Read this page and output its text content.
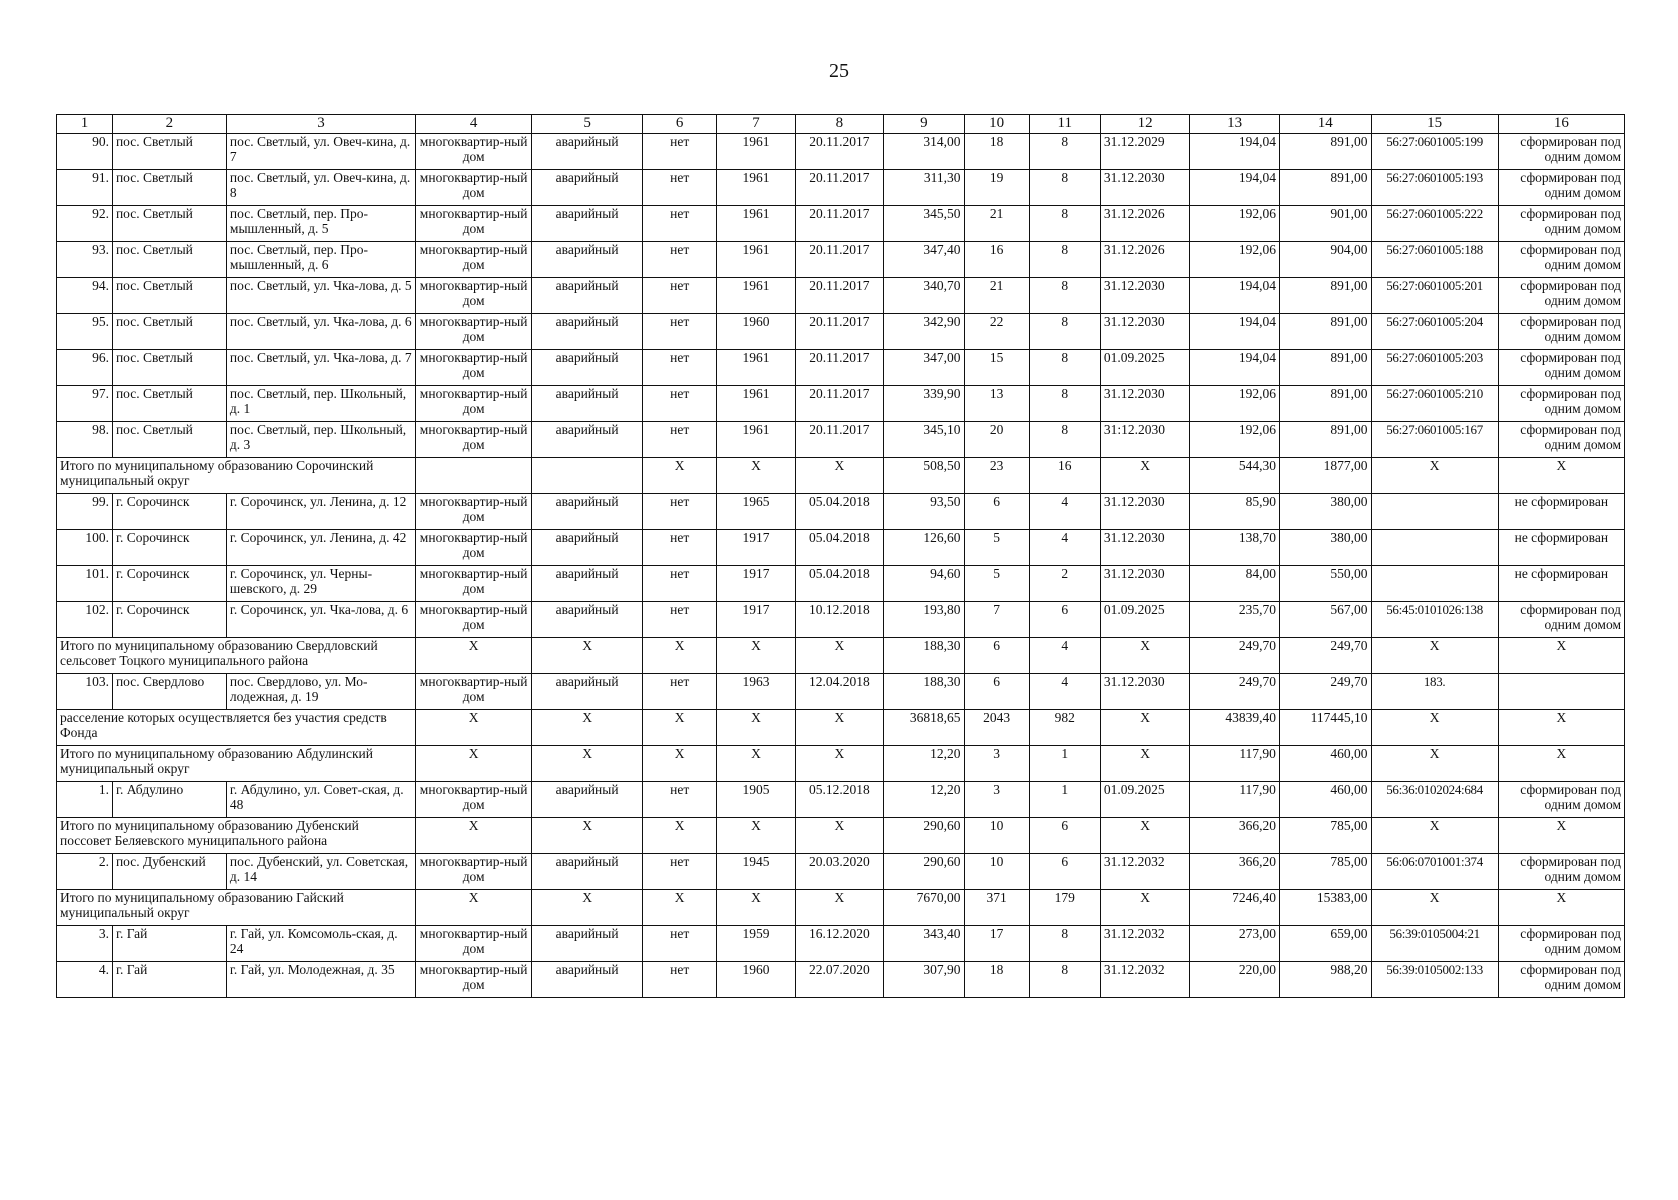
25
1	2	3	4	5	6	7	8	9	10	11	12	13	14	15	16
90.	пос. Светлый	пос. Светлый, ул. Овеч-кина, д. 7	многоквартир-ный дом	аварийный	нет	1961	20.11.2017	314,00	18	8	31.12.2029	194,04	891,00	56:27:0601005:199	сформирован под одним домом
91.	пос. Светлый	пос. Светлый, ул. Овеч-кина, д. 8	многоквартир-ный дом	аварийный	нет	1961	20.11.2017	311,30	19	8	31.12.2030	194,04	891,00	56:27:0601005:193	сформирован под одним домом
92.	пос. Светлый	пос. Светлый, пер. Про-мышленный, д. 5	многоквартир-ный дом	аварийный	нет	1961	20.11.2017	345,50	21	8	31.12.2026	192,06	901,00	56:27:0601005:222	сформирован под одним домом
93.	пос. Светлый	пос. Светлый, пер. Про-мышленный, д. 6	многоквартир-ный дом	аварийный	нет	1961	20.11.2017	347,40	16	8	31.12.2026	192,06	904,00	56:27:0601005:188	сформирован под одним домом
94.	пос. Светлый	пос. Светлый, ул. Чка-лова, д. 5	многоквартир-ный дом	аварийный	нет	1961	20.11.2017	340,70	21	8	31.12.2030	194,04	891,00	56:27:0601005:201	сформирован под одним домом
95.	пос. Светлый	пос. Светлый, ул. Чка-лова, д. 6	многоквартир-ный дом	аварийный	нет	1960	20.11.2017	342,90	22	8	31.12.2030	194,04	891,00	56:27:0601005:204	сформирован под одним домом
96.	пос. Светлый	пос. Светлый, ул. Чка-лова, д. 7	многоквартир-ный дом	аварийный	нет	1961	20.11.2017	347,00	15	8	01.09.2025	194,04	891,00	56:27:0601005:203	сформирован под одним домом
97.	пос. Светлый	пос. Светлый, пер. Школьный, д. 1	многоквартир-ный дом	аварийный	нет	1961	20.11.2017	339,90	13	8	31.12.2030	192,06	891,00	56:27:0601005:210	сформирован под одним домом
98.	пос. Светлый	пос. Светлый, пер. Школьный, д. 3	многоквартир-ный дом	аварийный	нет	1961	20.11.2017	345,10	20	8	31:12.2030	192,06	891,00	56:27:0601005:167	сформирован под одним домом
Итого по муниципальному образованию Сорочинский муниципальный округ					X	X	X	508,50	23	16	X	544,30	1877,00	X	X
99.	г. Сорочинск	г. Сорочинск, ул. Ленина, д. 12	многоквартир-ный дом	аварийный	нет	1965	05.04.2018	93,50	6	4	31.12.2030	85,90	380,00		не сформирован
100.	г. Сорочинск	г. Сорочинск, ул. Ленина, д. 42	многоквартир-ный дом	аварийный	нет	1917	05.04.2018	126,60	5	4	31.12.2030	138,70	380,00		не сформирован
101.	г. Сорочинск	г. Сорочинск, ул. Черны-шевского, д. 29	многоквартир-ный дом	аварийный	нет	1917	05.04.2018	94,60	5	2	31.12.2030	84,00	550,00		не сформирован
102.	г. Сорочинск	г. Сорочинск, ул. Чка-лова, д. 6	многоквартир-ный дом	аварийный	нет	1917	10.12.2018	193,80	7	6	01.09.2025	235,70	567,00	56:45:0101026:138	сформирован под одним домом
Итого по муниципальному образованию Свердловский сельсовет Тоцкого муниципального района			X	X	X	X	X	188,30	6	4	X	249,70	249,70	X	X
103.	пос. Свердлово	пос. Свердлово, ул. Мо-лодежная, д. 19	многоквартир-ный дом	аварийный	нет	1963	12.04.2018	188,30	6	4	31.12.2030	249,70	249,70	183.	
расселение которых осуществляется без участия средств Фонда			X	X	X	X	X	36818,65	2043	982	X	43839,40	117445,10	X	X
Итого по муниципальному образованию Абдулинский муниципальный округ			X	X	X	X	X	12,20	3	1	X	117,90	460,00	X	X
1.	г. Абдулино	г. Абдулино, ул. Совет-ская, д. 48	многоквартир-ный дом	аварийный	нет	1905	05.12.2018	12,20	3	1	01.09.2025	117,90	460,00	56:36:0102024:684	сформирован под одним домом
Итого по муниципальному образованию Дубенский поссовет Беляевского муниципального района			X	X	X	X	X	290,60	10	6	X	366,20	785,00	X	X
2.	пос. Дубенский	пос. Дубенский, ул. Советская, д. 14	многоквартир-ный дом	аварийный	нет	1945	20.03.2020	290,60	10	6	31.12.2032	366,20	785,00	56:06:0701001:374	сформирован под одним домом
Итого по муниципальному образованию Гайский муниципальный округ			X	X	X	X	X	7670,00	371	179	X	7246,40	15383,00	X	X
3.	г. Гай	г. Гай, ул. Комсомоль-ская, д. 24	многоквартир-ный дом	аварийный	нет	1959	16.12.2020	343,40	17	8	31.12.2032	273,00	659,00	56:39:0105004:21	сформирован под одним домом
4.	г. Гай	г. Гай, ул. Молодежная, д. 35	многоквартир-ный дом	аварийный	нет	1960	22.07.2020	307,90	18	8	31.12.2032	220,00	988,20	56:39:0105002:133	сформирован под одним домом
